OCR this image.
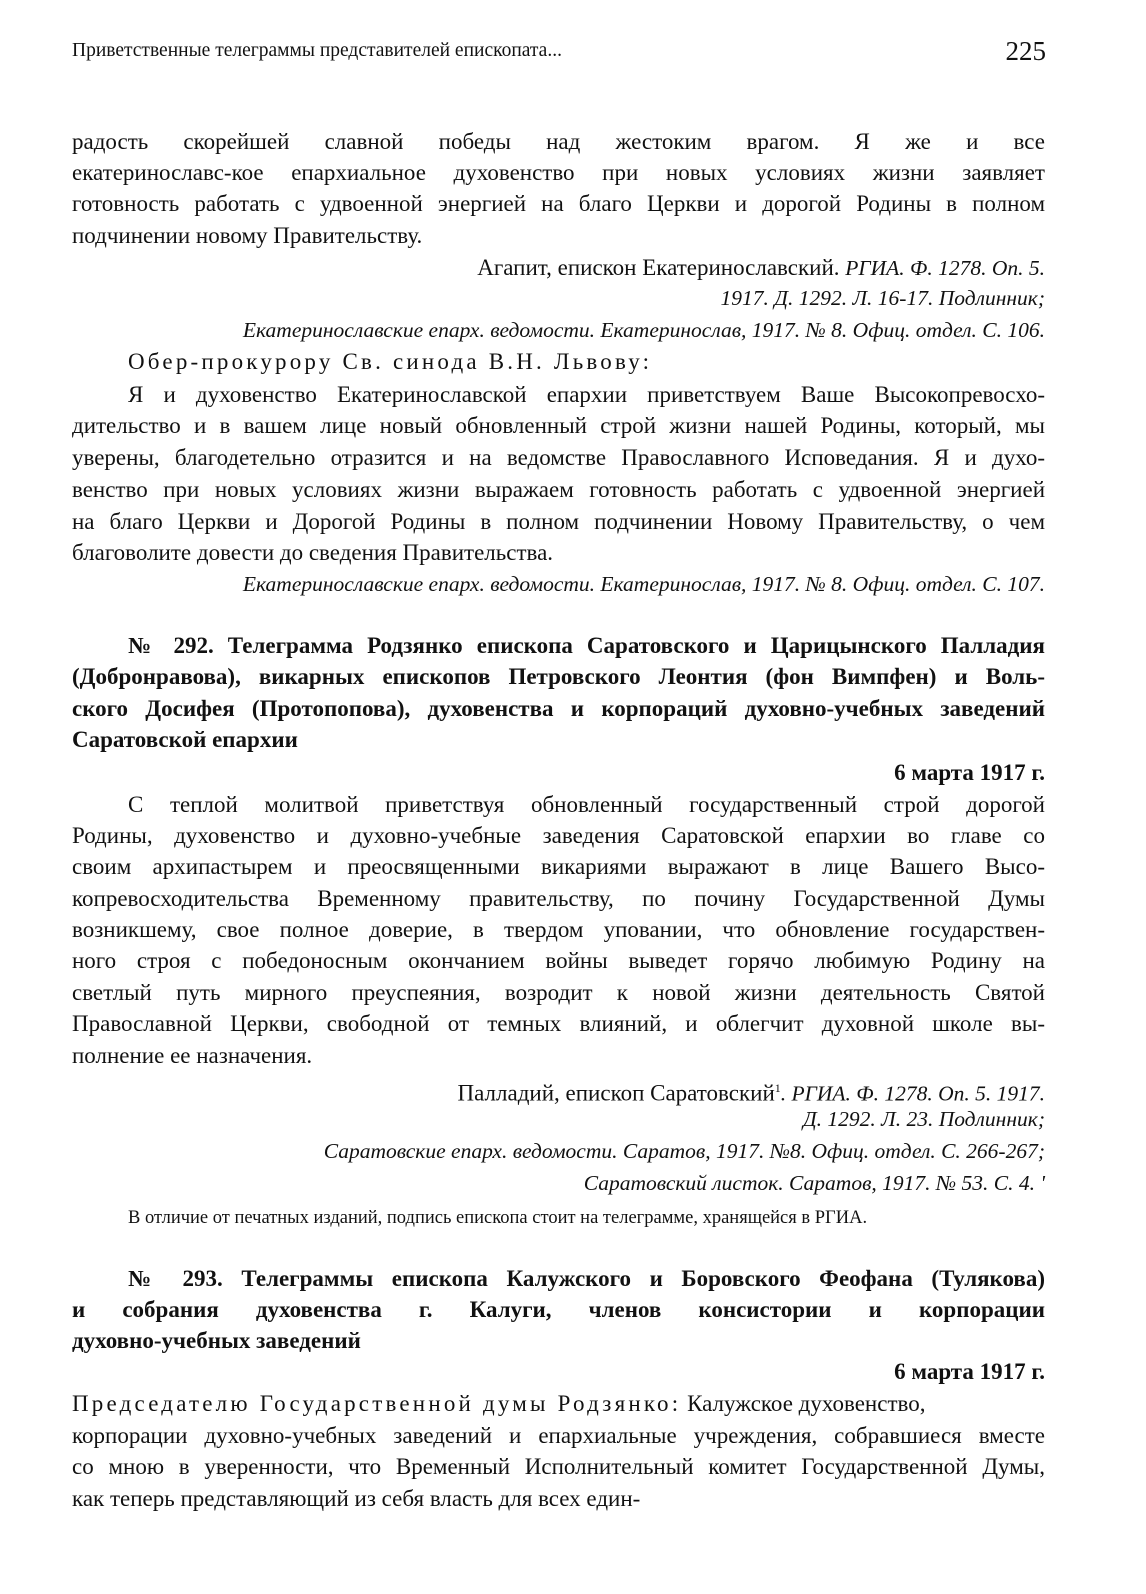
Приветственные телеграммы представителей епископата...	225
радость скорейшей славной победы над жестоким врагом. Я же и все
екатеринославс-кое епархиальное духовенство при новых условиях жизни заявляет
готовность работать с удвоенной энергией на благо Церкви и дорогой Родины в полном
подчинении новому Правительству.
Агапит, епискон Екатеринославский. РГИА. Ф. 1278. Оп. 5.
1917. Д. 1292. Л. 16-17. Подлинник;
Екатеринославские епарх. ведомости. Екатеринослав, 1917. № 8. Офиц. отдел. С. 106.
Обер-прокурору Св. синода В.Н. Львову:
Я и духовенство Екатеринославской епархии приветствуем Ваше Высокопревосхо-
дительство и в вашем лице новый обновленный строй жизни нашей Родины, который, мы
уверены, благодетельно отразится и на ведомстве Православного Исповедания. Я и духо-
венство при новых условиях жизни выражаем готовность работать с удвоенной энергией
на благо Церкви и Дорогой Родины в полном подчинении Новому Правительству, о чем
благоволите довести до сведения Правительства.
Екатеринославские епарх. ведомости. Екатеринослав, 1917. № 8. Офиц. отдел. С. 107.
№ 292. Телеграмма Родзянко епископа Саратовского и Царицынского Палладия
(Добронравова), викарных епископов Петровского Леонтия (фон Вимпфен) и Воль-
ского Досифея (Протопопова), духовенства и корпораций духовно-учебных заведений
Саратовской епархии
6 марта 1917 г.
С теплой молитвой приветствуя обновленный государственный строй дорогой
Родины, духовенство и духовно-учебные заведения Саратовской епархии во главе со
своим архипастырем и преосвященными викариями выражают в лице Вашего Высо-
копревосходительства Временному правительству, по почину Государственной Думы
возникшему, свое полное доверие, в твердом уповании, что обновление государствен-
ного строя с победоносным окончанием войны выведет горячо любимую Родину на
светлый путь мирного преуспеяния, возродит к новой жизни деятельность Святой
Православной Церкви, свободной от темных влияний, и облегчит духовной школе вы-
полнение ее назначения.
Палладий, епископ Саратовский$^1$. РГИА. Ф. 1278. Оп. 5. 1917.
Д. 1292. Л. 23. Подлинник;
Саратовские епарх. ведомости. Саратов, 1917. №8. Офиц. отдел. С. 266-267;
Саратовский листок. Саратов, 1917. № 53. С. 4. '
В отличие от печатных изданий, подпись епископа стоит на телеграмме, хранящейся в РГИА.
№ 293. Телеграммы епископа Калужского и Боровского Феофана (Тулякова)
и собрания духовенства г. Калуги, членов консистории и корпорации
духовно-учебных заведений
6 марта 1917 г.
Председателю Государственной думы Родзянко: Калужское духовенство,
корпорации духовно-учебных заведений и епархиальные учреждения, собравшиеся вместе
со мною в уверенности, что Временный Исполнительный комитет Государственной Думы,
как теперь представляющий из себя власть для всех един-
